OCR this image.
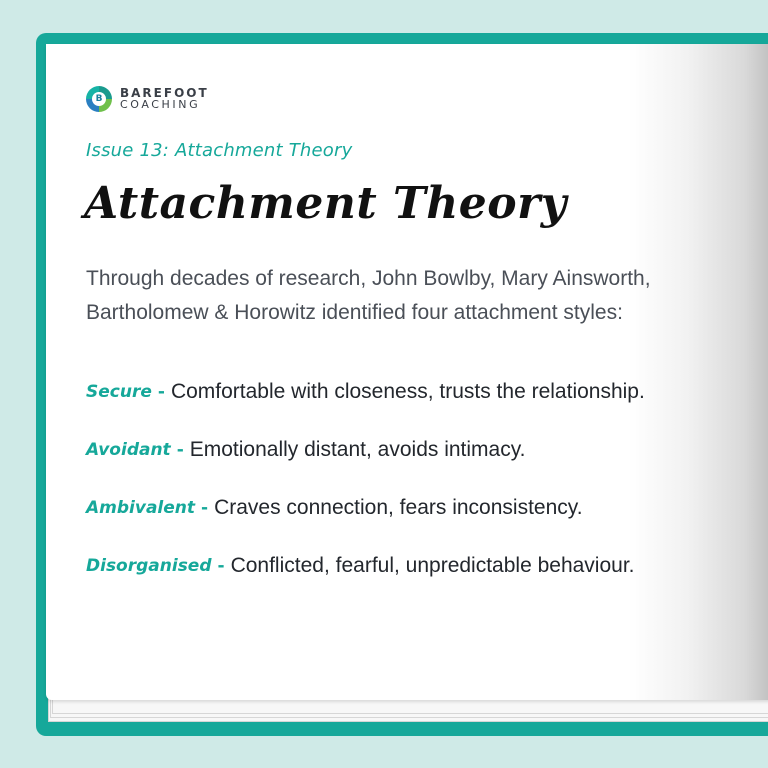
B BAREFOOT
COACHING
Issue 13: Attachment Theory
Attachment Theory
Through decades of research, John Bowlby, Mary Ainsworth,
Bartholomew & Horowitz identified four attachment styles:
Secure - Comfortable with closeness, trusts the relationship.
Avoidant - Emotionally distant, avoids intimacy.
Ambivalent - Craves connection, fears inconsistency.
Disorganised - Conflicted, fearful, unpredictable behaviour.
